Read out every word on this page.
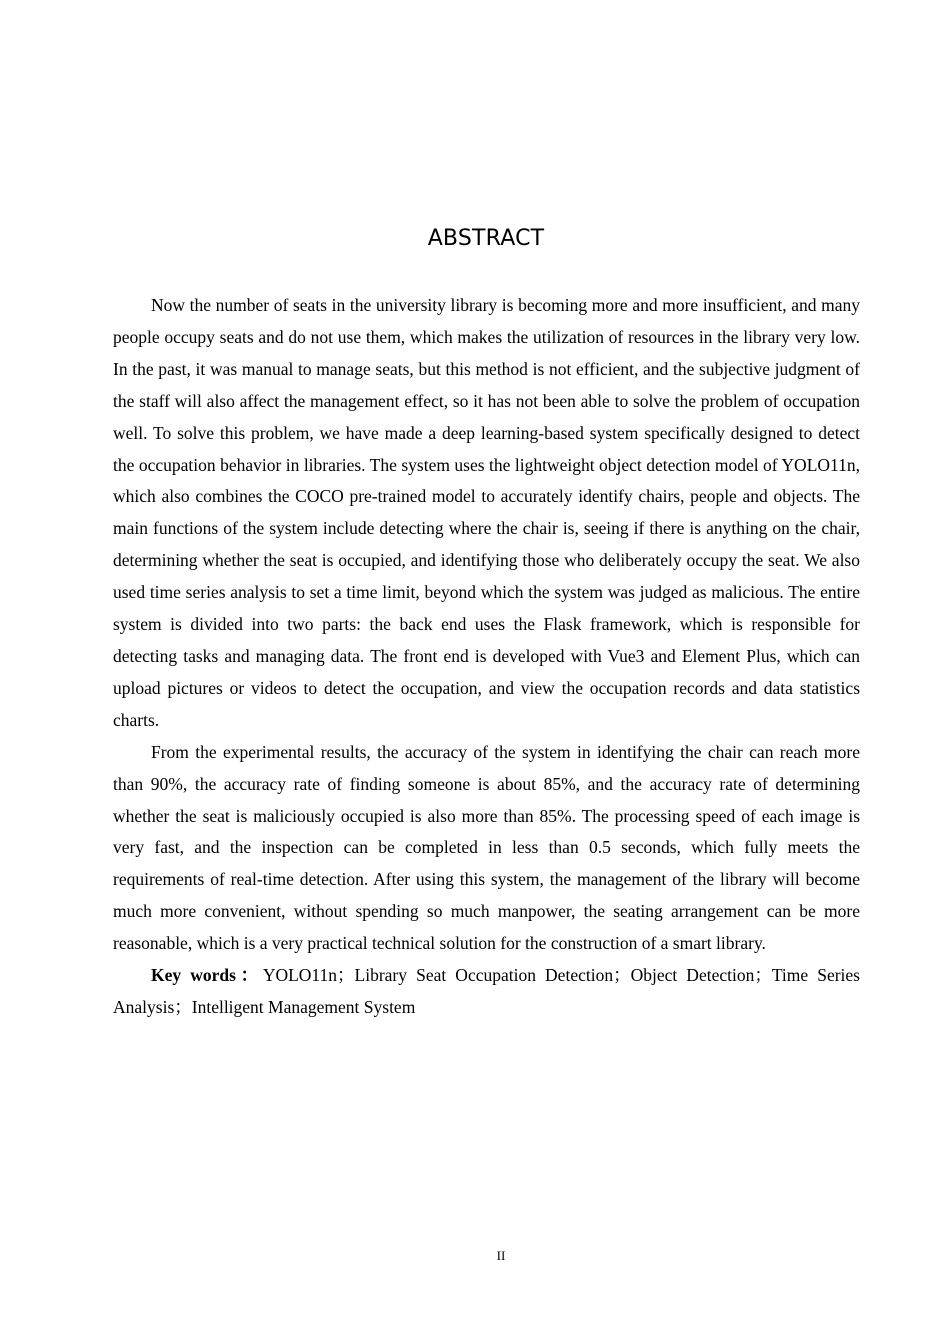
ABSTRACT

Now the number of seats in the university library is becoming more and more insufficient, and many people occupy seats and do not use them, which makes the utilization of resources in the library very low. In the past, it was manual to manage seats, but this method is not efficient, and the subjective judgment of the staff will also affect the management effect, so it has not been able to solve the problem of occupation well. To solve this problem, we have made a deep learning-based system specifically designed to detect the occupation behavior in libraries. The system uses the lightweight object detection model of YOLO11n, which also combines the COCO pre-trained model to accurately identify chairs, people and objects. The main functions of the system include detecting where the chair is, seeing if there is anything on the chair, determining whether the seat is occupied, and identifying those who deliberately occupy the seat. We also used time series analysis to set a time limit, beyond which the system was judged as malicious. The entire system is divided into two parts: the back end uses the Flask framework, which is responsible for detecting tasks and managing data. The front end is developed with Vue3 and Element Plus, which can upload pictures or videos to detect the occupation, and view the occupation records and data statistics charts.

From the experimental results, the accuracy of the system in identifying the chair can reach more than 90%, the accuracy rate of finding someone is about 85%, and the accuracy rate of determining whether the seat is maliciously occupied is also more than 85%. The processing speed of each image is very fast, and the inspection can be completed in less than 0.5 seconds, which fully meets the requirements of real-time detection. After using this system, the management of the library will become much more convenient, without spending so much manpower, the seating arrangement can be more reasonable, which is a very practical technical solution for the construction of a smart library.

Key words：YOLO11n；Library Seat Occupation Detection；Object Detection；Time Series Analysis；Intelligent Management System

II
